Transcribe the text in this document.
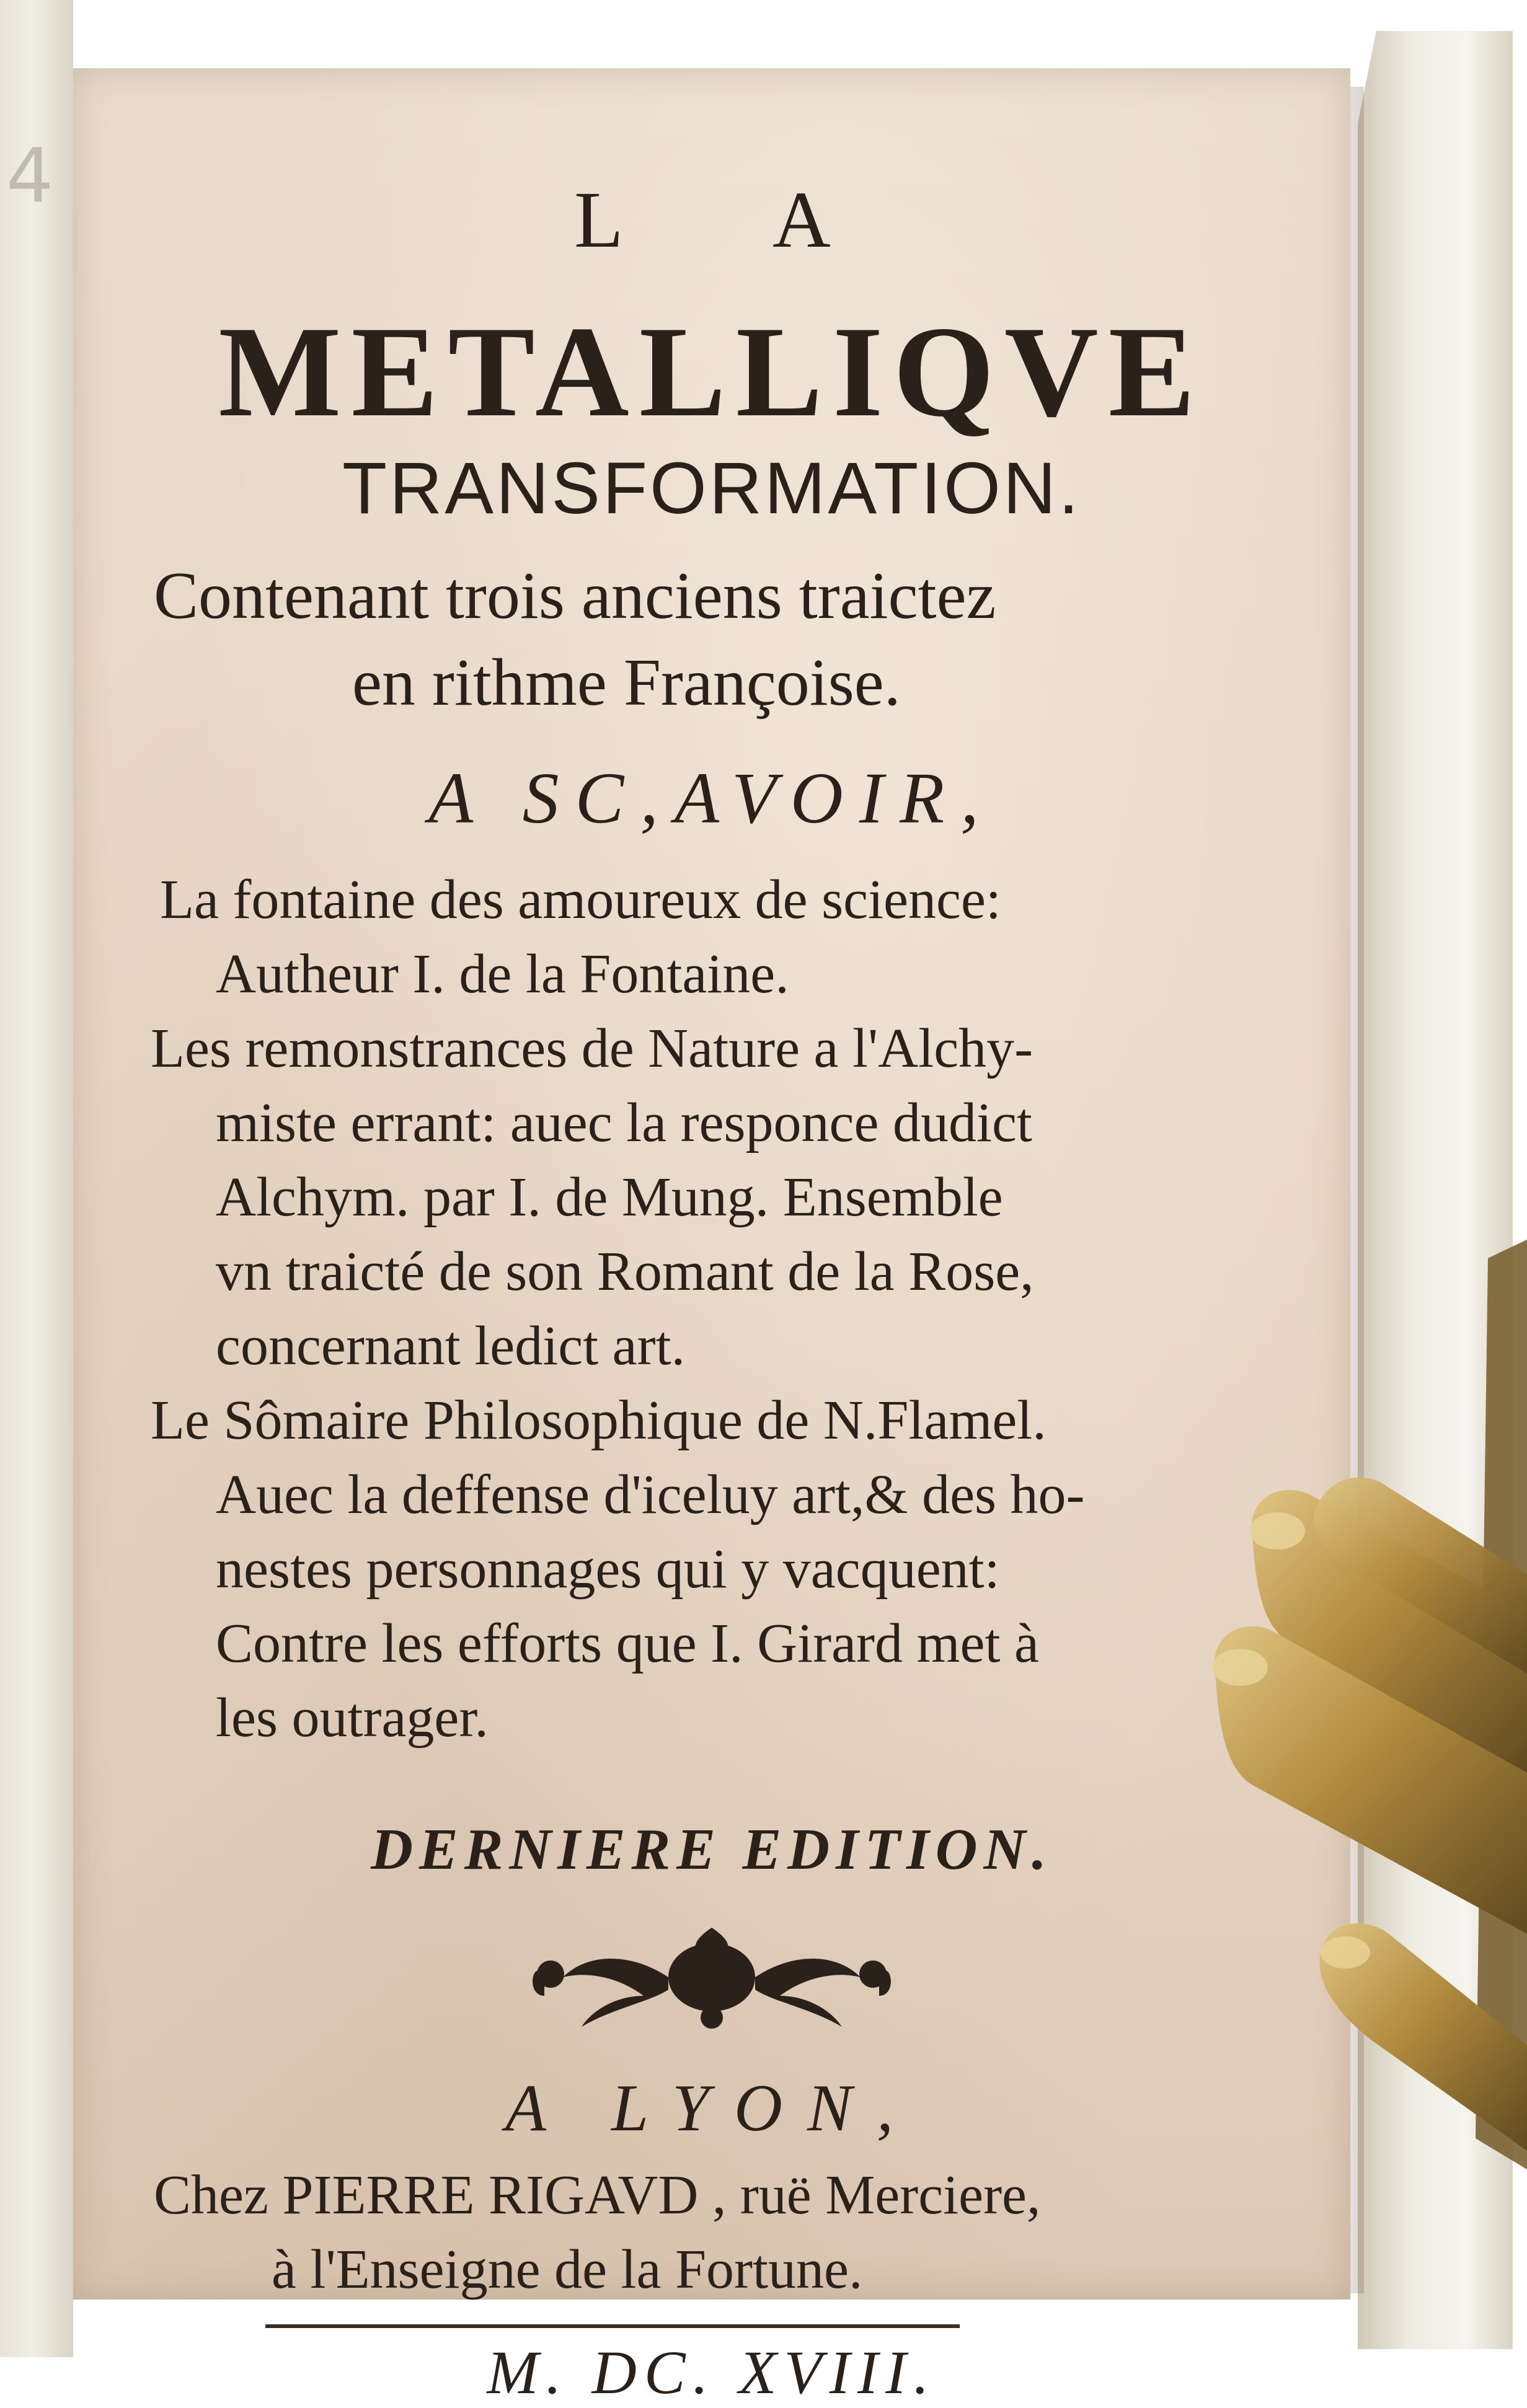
4	L A
METALLIQVE
TRANSFORMATION.
Contenant trois anciens traictez
en rithme Françoise.
A SC,AVOIR,
La fontaine des amoureux de science:
Autheur I. de la Fontaine.
Les remonstrances de Nature a l'Alchy-
miste errant: auec la responce dudict
Alchym. par I. de Mung. Ensemble
vn traicté de son Romant de la Rose,
concernant ledict art.
Le Sômaire Philosophique de N.Flamel.
Auec la deffense d'iceluy art,& des ho-
nestes personnages qui y vacquent:
Contre les efforts que I. Girard met à
les outrager.
DERNIERE EDITION.
A LYON,
Chez PIERRE RIGAVD , ruë Merciere,
à l'Enseigne de la Fortune.
M. DC. XVIII.
